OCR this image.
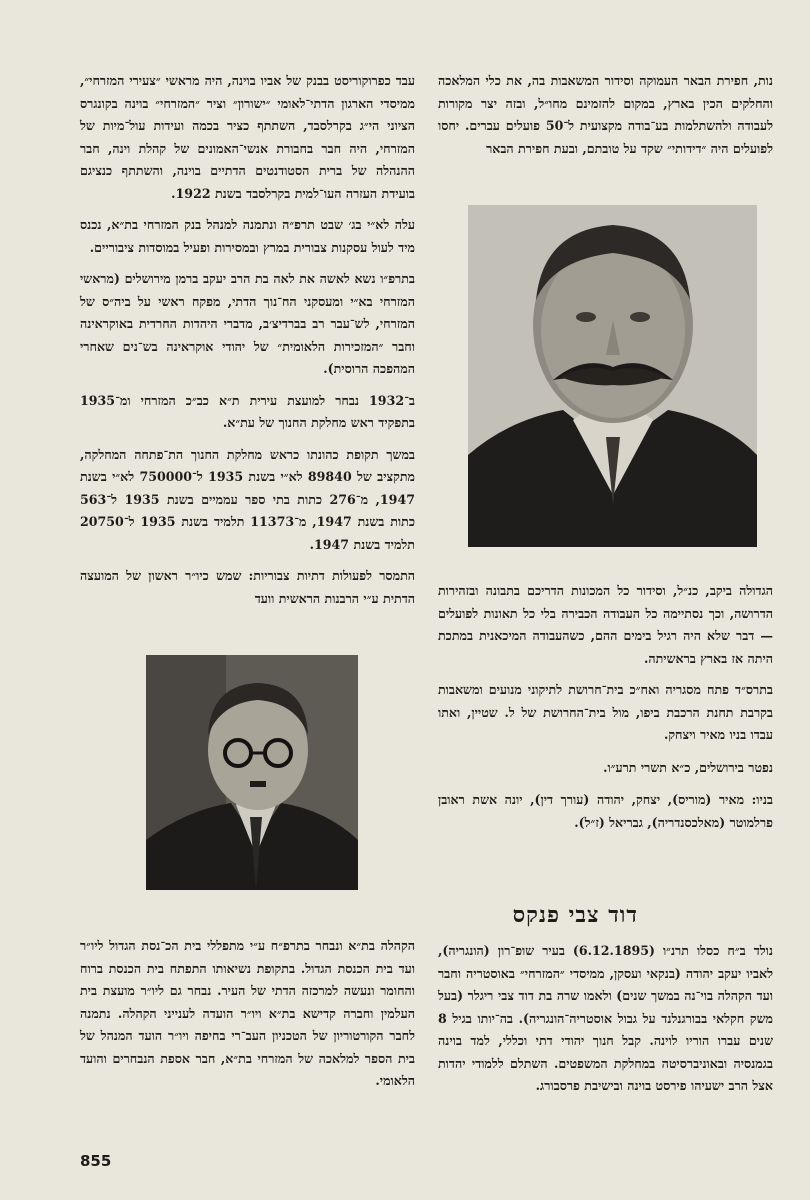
נות, חפירת הבאר העמוקה וסידור המשאבות בה, את כלי המלאכה והחלקים הכין בארץ, במקום להזמינם מחו״ל, ובזה יצר מקורות לעבודה ולהשתלמות בע־בודה מקצועית ל־50 פועלים עברים. יחסו לפועלים היה ״דידותי״ שקד על טובתם, ובעת חפירת הבאר

הגדולה ביקב, כנ״ל, וסידור כל המכונות הדריכם בתבונה ובזהירות הדרושה, וכך נסתיימה כל העבודה הכבירה בלי כל תאונות לפועלים — דבר שלא היה רגיל בימים ההם, כשהעבודה המיכאנית במתכת היתה אז בארץ בראשיתה.

בתרס״ד פתח מסגריה ואח״כ בית־חרושת לתיקוני מנועים ומשאבות בקרבת תחנת הרכבת ביפו, מול בית־החרושת של ל. שטיין, ואתו עבדו בניו מאיר ויצחק.

נפטר בירושלים, כ״א תשרי תרע״ו.

בניו: מאיר (מוריס), יצחק, יהודה (עורך דין), יונה אשת ראובן פרלמוטר (מאלכסנדריה), גבריאל (ז״ל).

דוד צבי פנקס

נולד ב״ח כסלו תרנ״ו (6.12.1895) בעיר שופ־רון (הונגריה), לאביו יעקב יהודה (בנקאי ועסקן, ממיסדי ״המזרחי״ באוסטריה וחבר ועד הקהלה בוי־נה במשך שנים) ולאמו שרה בת דוד צבי ריגלר (בעל משק חקלאי בבורגנלנד על גבול אוסטריה־הונגריה). בה־יותו בגיל 8 שנים עברו הוריו לוינה. קבל חנוך יהודי דתי וכללי, למד בוינה בגמנסיה ובאוניברסיטה במחלקת המשפטים. השתלם ללמודי יהדות אצל הרב ישעיהו פירסט בוינה ובישיבת פרסבורג.

עבד כפרוקוריסט בבנק של אביו בוינה, היה מראשי ״צעירי המזרחי״, ממיסדי הארגון הדתי־לאומי ״ישורון״ וציר ״המזרחי״ בוינה בקונגרס הציוני הי״ג בקרלסבד, השתתף כציר בכמה ועידות עול־מיות של המזרחי, היה חבר בחבורת אנשי־האמונים של קהלת וינה, חבר ההנהלה של ברית הסטודנטים הדתיים בוינה, והשתתף כנציגם בועידת העזרה העו־למית בקרלסבד בשנת 1922.

עלה לא״י בג׳ שבט תרפ״ה ונתמנה למנהל בנק המזרחי בת״א, נכנס מיד לעול עסקנות צבורית במרץ ובמסירות ופעיל במוסדות ציבוריים.

בתרפ״ו נשא לאשה את לאה בת הרב יעקב ברמן מירושלים (מראשי המזרחי בא״י ומעסקני הח־נוך הדתי, מפקח ראשי על ביה״ס של המזרחי, לש־עבר רב בברדיצ׳ב, מדברי היהדות החרדית באוקראינה וחבר ״המזכירות הלאומית״ של יהודי אוקראינה בש־נים שאחרי המהפכה הרוסית).

ב־1932 נבחר למועצת עירית ת״א כב״כ המזרחי ומ־1935 בתפקיד ראש מחלקת החנוך של עת״א.

במשך תקופת כהונתו כראש מחלקת החנוך הת־פתחה המחלקה, מתקציב של 89840 לא״י בשנת 1935 ל־750000 לא״י בשנת 1947, מ־276 כתות בתי ספר עממיים בשנת 1935 ל־563 כתות בשנת 1947, מ־11373 תלמיד בשנת 1935 ל־20750 תלמיד בשנת 1947.

התמסר לפעולות דתיות צבוריות: שמש כיו״ר ראשון של המועצה הדתית ע״י הרבנות הראשית וועד

הקהלה בת״א ונבחר בתרפ״ח ע״י מתפללי בית הכ־נסת הגדול ליו״ר ועד בית הכנסת הגדול. בתקופת נשיאותו התפתח בית הכנסת ברוח והחומר ונעשה למרכזה הדתי של העיר. נבחר גם ליו״ר מועצת בית העלמין וחברה קדישא בת״א ויו״ר הועדה לענייני הקהלה. נתמנה לחבר הקורטוריון של הטכניון העב־רי בחיפה ויו״ר הועד המנהל של בית הספר למלאכה של המזרחי בת״א, חבר אספת הנבחרים והועד הלאומי.

855
